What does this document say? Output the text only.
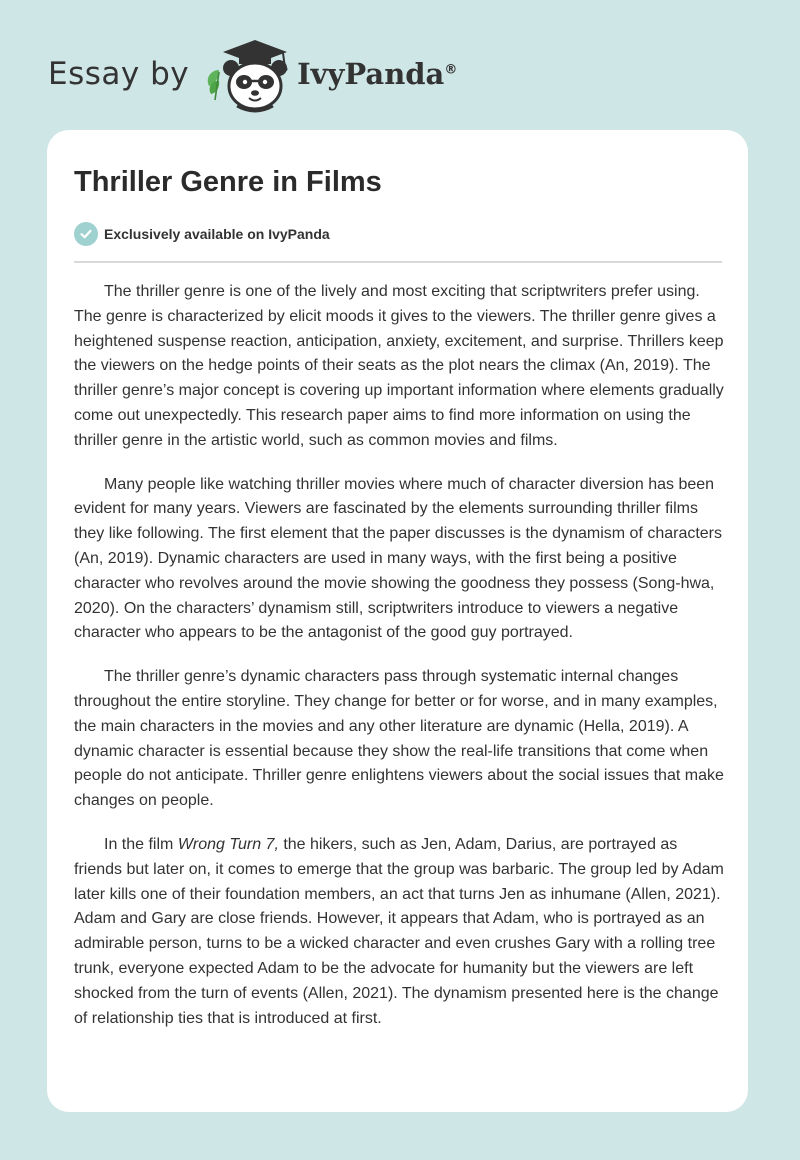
Essay by	IvyPanda®
Thriller Genre in Films
Exclusively available on IvyPanda

The thriller genre is one of the lively and most exciting that scriptwriters prefer using. The genre is characterized by elicit moods it gives to the viewers. The thriller genre gives a heightened suspense reaction, anticipation, anxiety, excitement, and surprise. Thrillers keep the viewers on the hedge points of their seats as the plot nears the climax (An, 2019). The thriller genre’s major concept is covering up important information where elements gradually come out unexpectedly. This research paper aims to find more information on using the thriller genre in the artistic world, such as common movies and films.

Many people like watching thriller movies where much of character diversion has been evident for many years. Viewers are fascinated by the elements surrounding thriller films they like following. The first element that the paper discusses is the dynamism of characters (An, 2019). Dynamic characters are used in many ways, with the first being a positive character who revolves around the movie showing the goodness they possess (Song-hwa, 2020). On the characters’ dynamism still, scriptwriters introduce to viewers a negative character who appears to be the antagonist of the good guy portrayed.

The thriller genre’s dynamic characters pass through systematic internal changes throughout the entire storyline. They change for better or for worse, and in many examples, the main characters in the movies and any other literature are dynamic (Hella, 2019). A dynamic character is essential because they show the real-life transitions that come when people do not anticipate. Thriller genre enlightens viewers about the social issues that make changes on people.

In the film Wrong Turn 7, the hikers, such as Jen, Adam, Darius, are portrayed as friends but later on, it comes to emerge that the group was barbaric. The group led by Adam later kills one of their foundation members, an act that turns Jen as inhumane (Allen, 2021). Adam and Gary are close friends. However, it appears that Adam, who is portrayed as an admirable person, turns to be a wicked character and even crushes Gary with a rolling tree trunk, everyone expected Adam to be the advocate for humanity but the viewers are left shocked from the turn of events (Allen, 2021). The dynamism presented here is the change of relationship ties that is introduced at first.
